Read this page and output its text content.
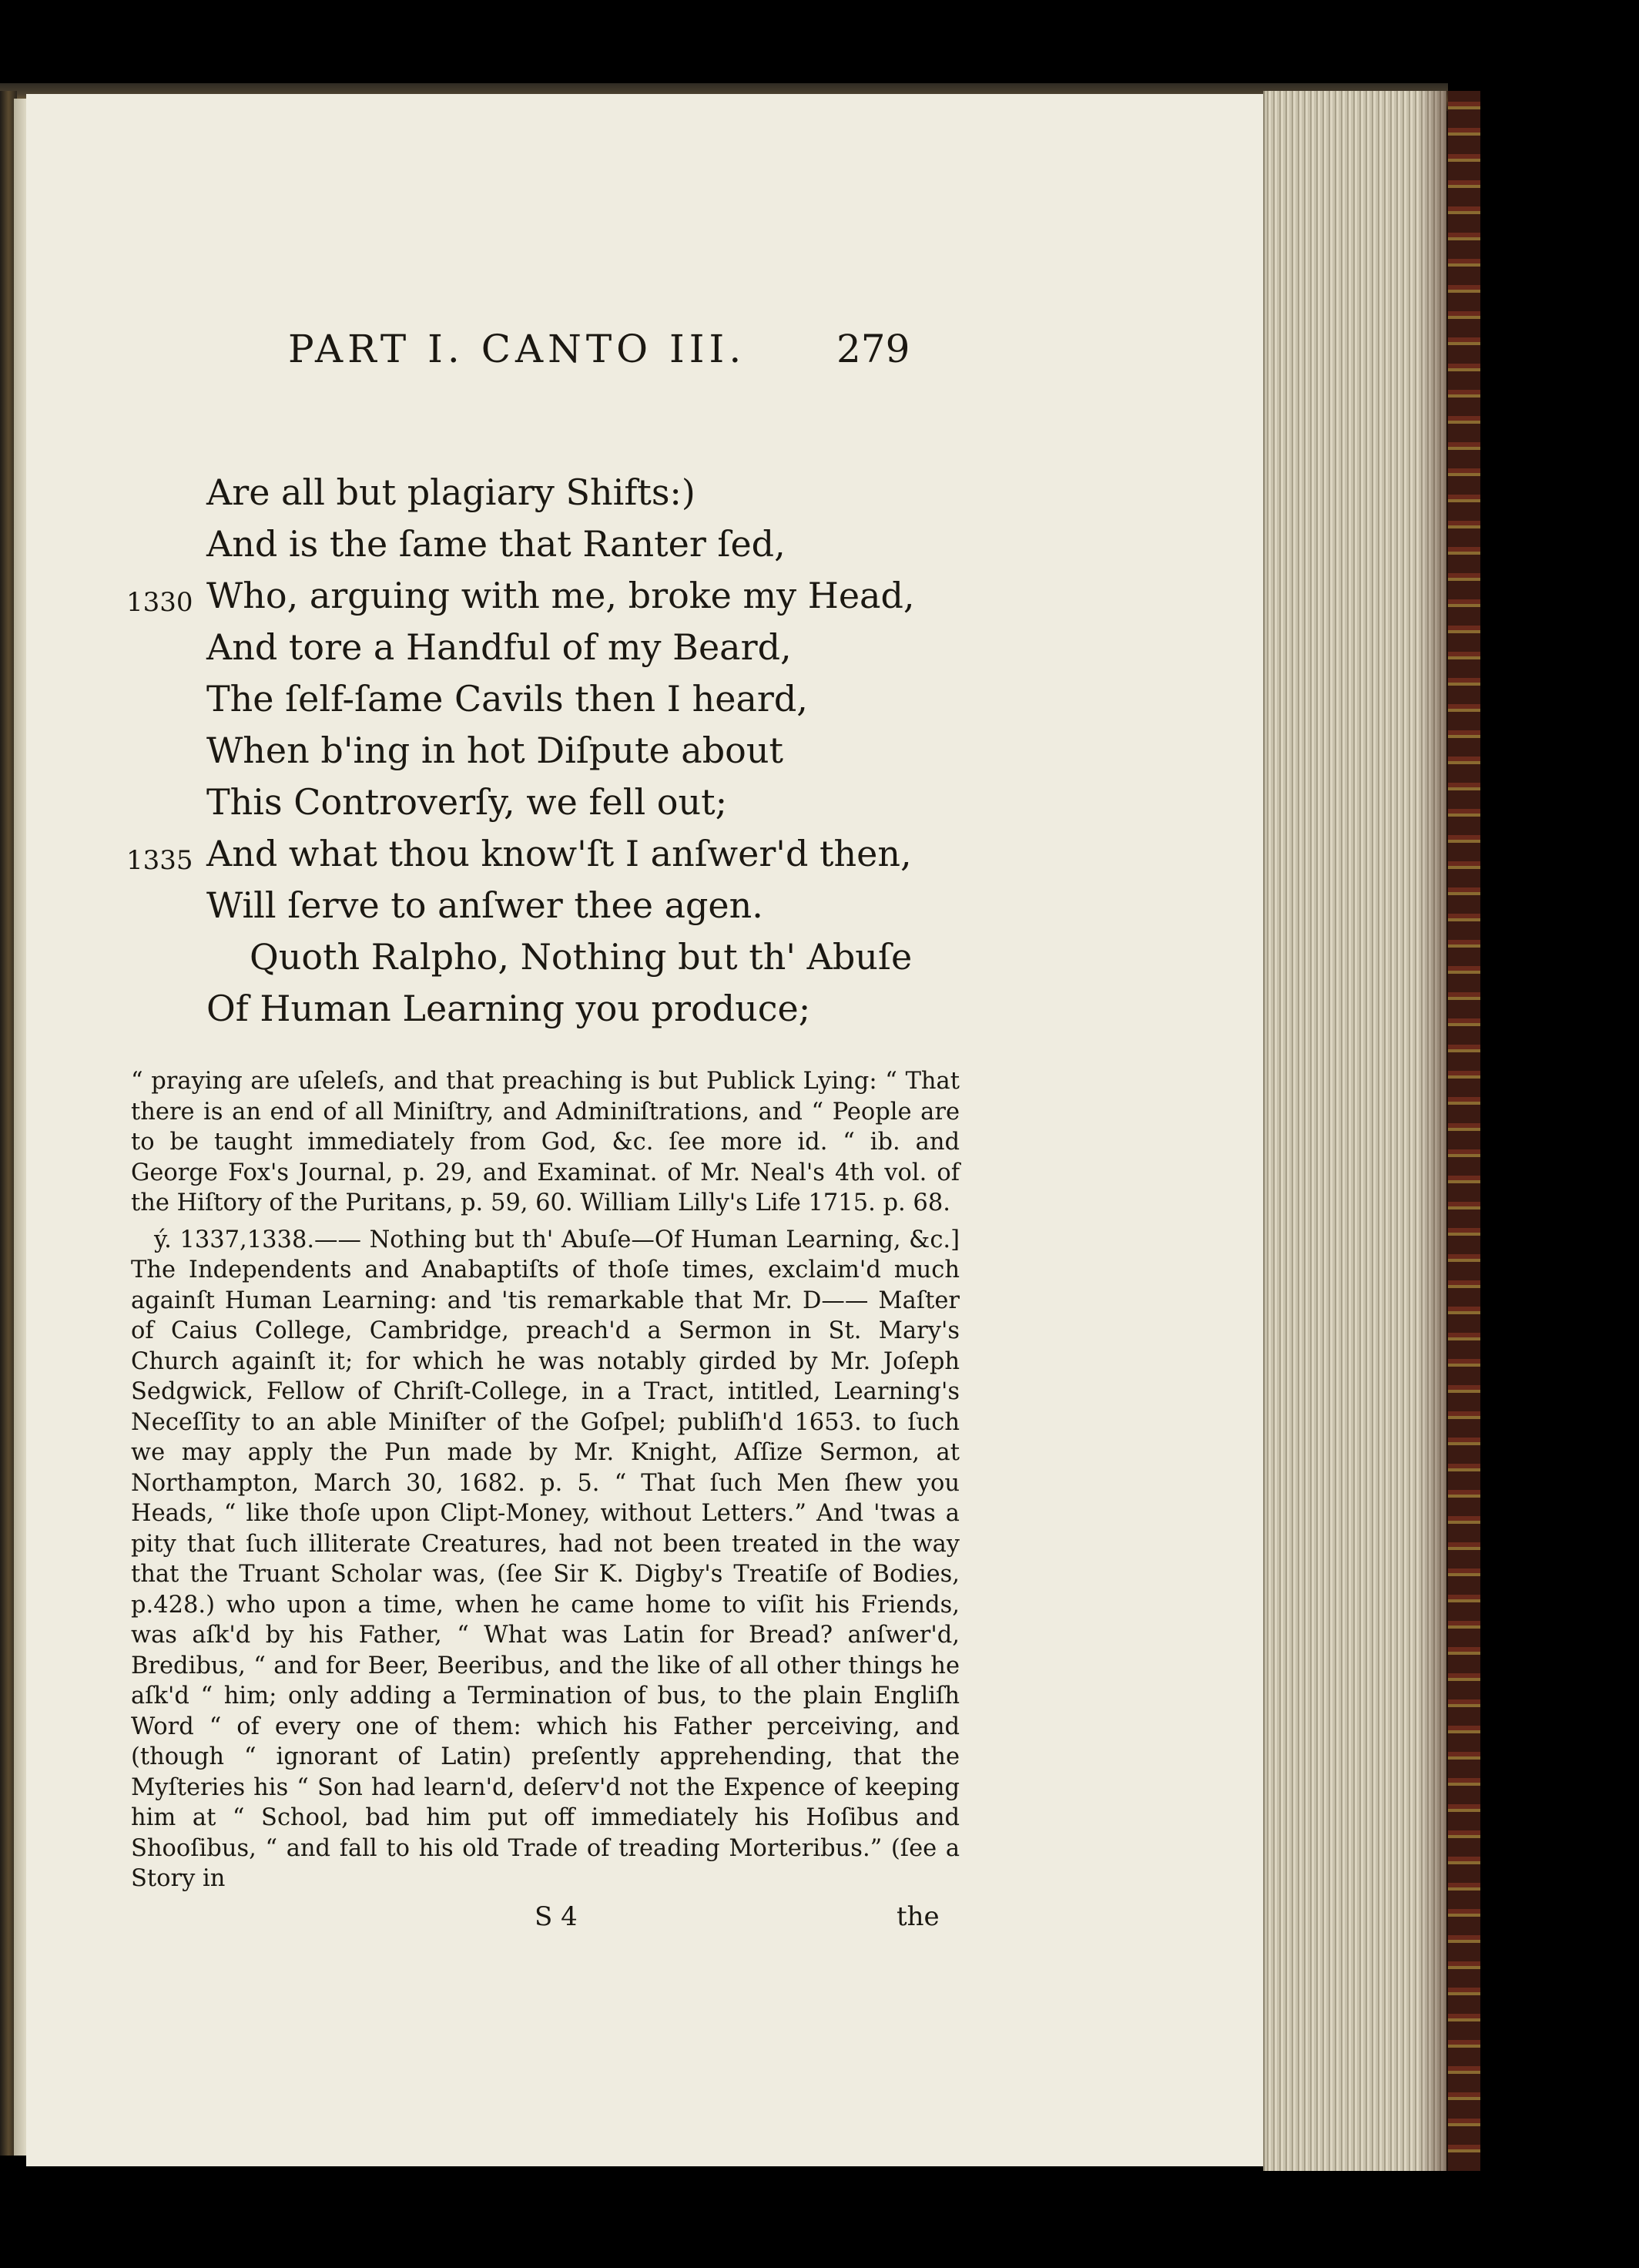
PART I. CANTO III. 279
Are all but plagiary Shifts:)
And is the ſame that Ranter ſed,
1330 Who, arguing with me, broke my Head,
And tore a Handful of my Beard,
The ſelf-ſame Cavils then I heard,
When b'ing in hot Diſpute about
This Controverſy, we fell out;
1335 And what thou know'ſt I anſwer'd then,
Will ſerve to anſwer thee agen.
Quoth Ralpho, Nothing but th' Abuſe
Of Human Learning you produce;

“ praying are uſeleſs, and that preaching is but Publick Lying: “ That there is an end of all Miniſtry, and Adminiſtrations, and “ People are to be taught immediately from God, &c. ſee more id. “ ib. and George Fox's Journal, p. 29, and Examinat. of Mr. Neal's 4th vol. of the Hiſtory of the Puritans, p. 59, 60. William Lilly's Life 1715. p. 68.

ý. 1337,1338.—— Nothing but th' Abuſe—Of Human Learning, &c.] The Independents and Anabaptiſts of thoſe times, exclaim'd much againſt Human Learning: and 'tis remarkable that Mr. D—— Maſter of Caius College, Cambridge, preach'd a Sermon in St. Mary's Church againſt it; for which he was notably girded by Mr. Joſeph Sedgwick, Fellow of Chriſt-College, in a Tract, intitled, Learning's Neceſſity to an able Miniſter of the Goſpel; publiſh'd 1653. to ſuch we may apply the Pun made by Mr. Knight, Aſſize Sermon, at Northampton, March 30, 1682. p. 5. “ That ſuch Men ſhew you Heads, “ like thoſe upon Clipt-Money, without Letters.” And 'twas a pity that ſuch illiterate Creatures, had not been treated in the way that the Truant Scholar was, (ſee Sir K. Digby's Treatiſe of Bodies, p.428.) who upon a time, when he came home to viſit his Friends, was aſk'd by his Father, “ What was Latin for Bread? anſwer'd, Bredibus, “ and for Beer, Beeribus, and the like of all other things he aſk'd “ him; only adding a Termination of bus, to the plain Engliſh Word “ of every one of them: which his Father perceiving, and (though “ ignorant of Latin) preſently apprehending, that the Myſteries his “ Son had learn'd, deſerv'd not the Expence of keeping him at “ School, bad him put off immediately his Hoſibus and Shooſibus, “ and fall to his old Trade of treading Morteribus.” (ſee a Story in

S 4	the
